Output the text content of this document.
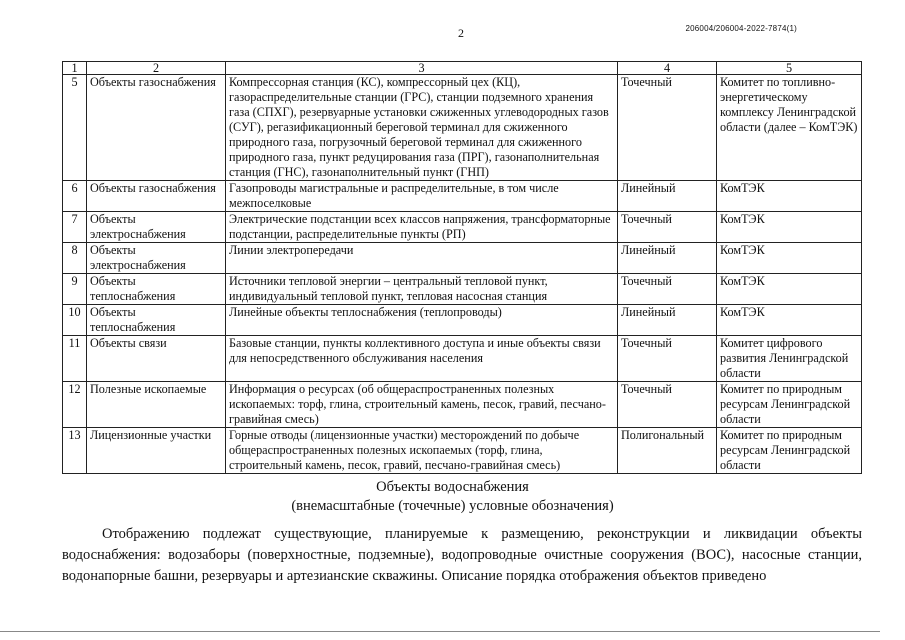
2	206004/206004-2022-7874(1)
1	2	3	4	5
5	Объекты газоснабжения	Компрессорная станция (КС), компрессорный цех (КЦ), газораспределительные станции (ГРС), станции подземного хранения газа (СПХГ), резервуарные установки сжиженных углеводородных газов (СУГ), регазификационный береговой терминал для сжиженного природного газа, погрузочный береговой терминал для сжиженного природного газа, пункт редуцирования газа (ПРГ), газонаполнительная станция (ГНС), газонаполнительный пункт (ГНП)	Точечный	Комитет по топливно-энергетическому комплексу Ленинградской области (далее – КомТЭК)
6	Объекты газоснабжения	Газопроводы магистральные и распределительные, в том числе межпоселковые	Линейный	КомТЭК
7	Объекты электроснабжения	Электрические подстанции всех классов напряжения, трансформаторные подстанции, распределительные пункты (РП)	Точечный	КомТЭК
8	Объекты электроснабжения	Линии электропередачи	Линейный	КомТЭК
9	Объекты теплоснабжения	Источники тепловой энергии – центральный тепловой пункт, индивидуальный тепловой пункт, тепловая насосная станция	Точечный	КомТЭК
10	Объекты теплоснабжения	Линейные объекты теплоснабжения (теплопроводы)	Линейный	КомТЭК
11	Объекты связи	Базовые станции, пункты коллективного доступа и иные объекты связи для непосредственного обслуживания населения	Точечный	Комитет цифрового развития Ленинградской области
12	Полезные ископаемые	Информация о ресурсах (об общераспространенных полезных ископаемых: торф, глина, строительный камень, песок, гравий, песчано-гравийная смесь)	Точечный	Комитет по природным ресурсам Ленинградской области
13	Лицензионные участки	Горные отводы (лицензионные участки) месторождений по добыче общераспространенных полезных ископаемых (торф, глина, строительный камень, песок, гравий, песчано-гравийная смесь)	Полигональный	Комитет по природным ресурсам Ленинградской области
Объекты водоснабжения
(внемасштабные (точечные) условные обозначения)
Отображению подлежат существующие, планируемые к размещению, реконструкции и ликвидации объекты водоснабжения: водозаборы (поверхностные, подземные), водопроводные очистные сооружения (ВОС), насосные станции, водонапорные башни, резервуары и артезианские скважины. Описание порядка отображения объектов приведено
